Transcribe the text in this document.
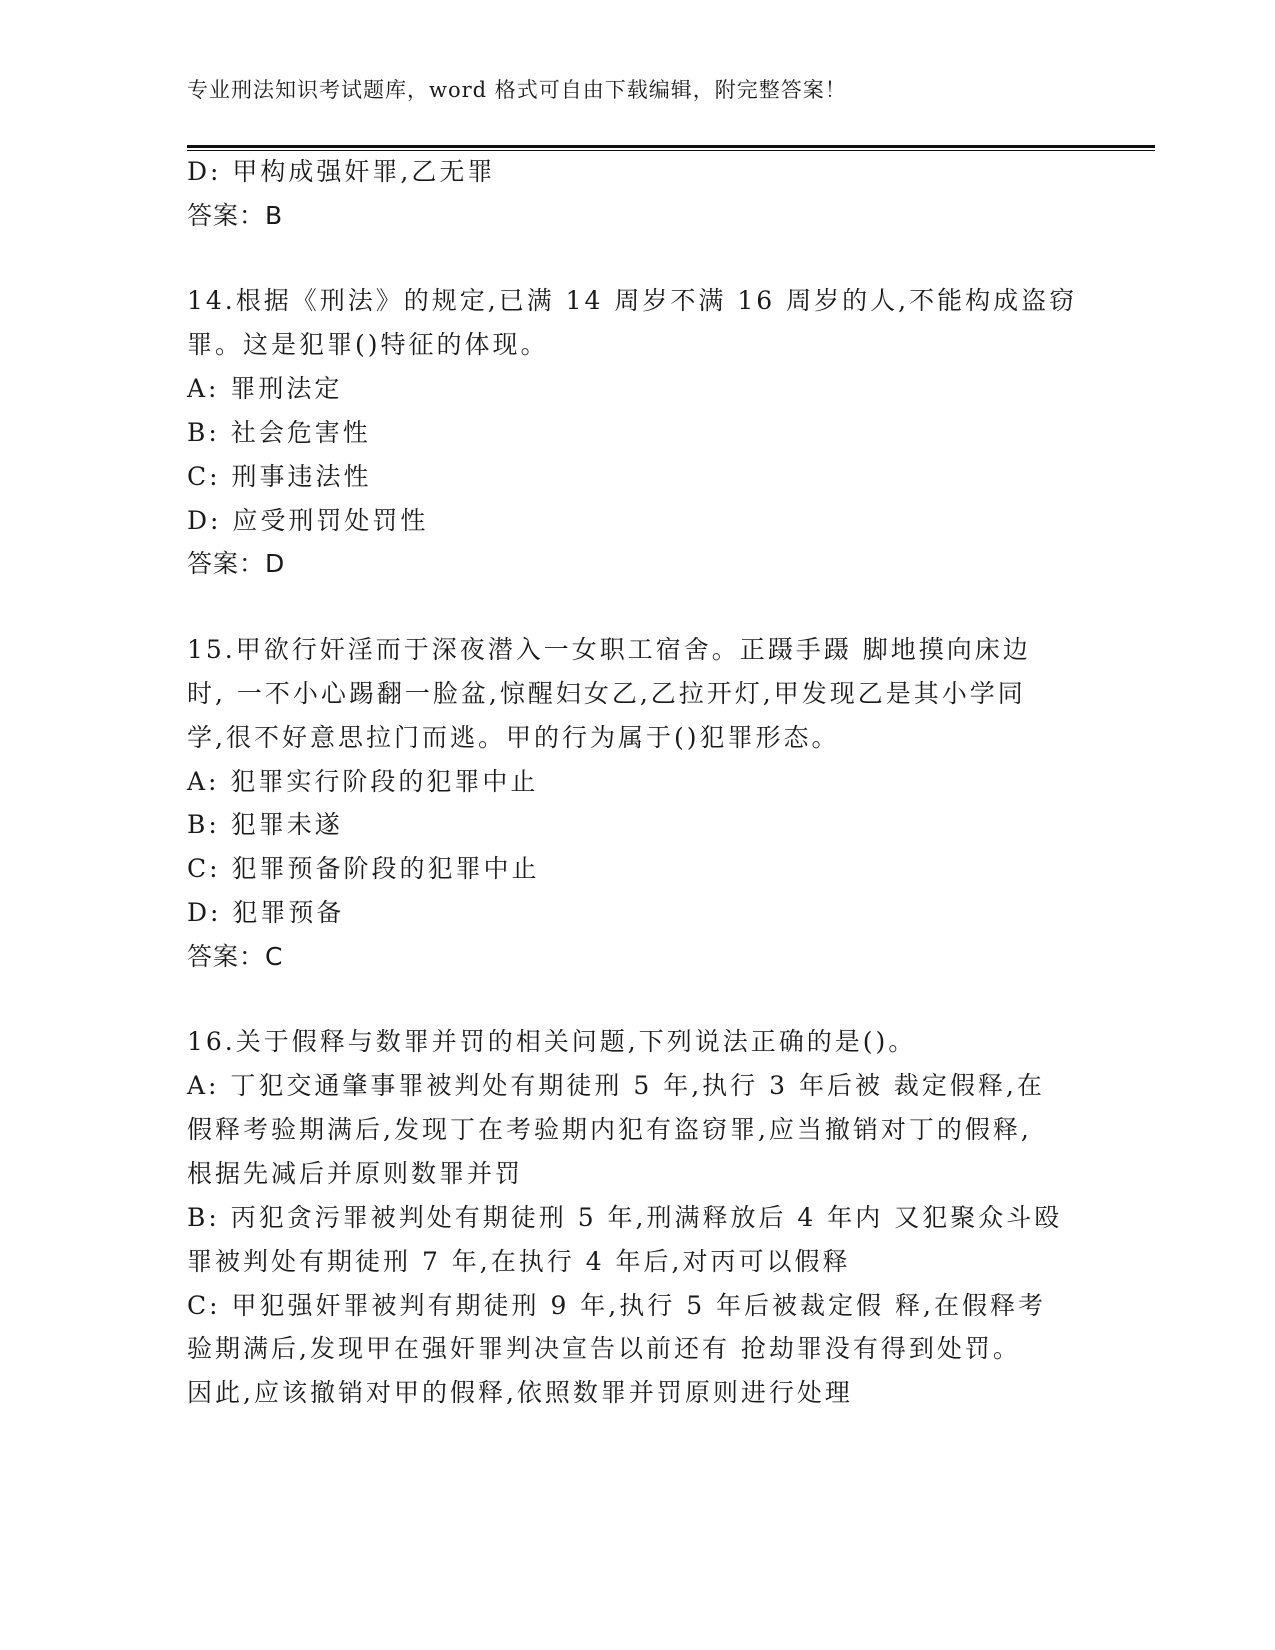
专业刑法知识考试题库，word 格式可自由下载编辑，附完整答案！
D: 甲构成强奸罪,乙无罪
答案：B
14.根据《刑法》的规定,已满 14 周岁不满 16 周岁的人,不能构成盗窃
罪。这是犯罪()特征的体现。
A: 罪刑法定
B: 社会危害性
C: 刑事违法性
D: 应受刑罚处罚性
答案：D
15.甲欲行奸淫而于深夜潜入一女职工宿舍。正蹑手蹑 脚地摸向床边
时, 一不小心踢翻一脸盆,惊醒妇女乙,乙拉开灯,甲发现乙是其小学同
学,很不好意思拉门而逃。甲的行为属于()犯罪形态。
A: 犯罪实行阶段的犯罪中止
B: 犯罪未遂
C: 犯罪预备阶段的犯罪中止
D: 犯罪预备
答案：C
16.关于假释与数罪并罚的相关问题,下列说法正确的是()。
A: 丁犯交通肇事罪被判处有期徒刑 5 年,执行 3 年后被 裁定假释,在
假释考验期满后,发现丁在考验期内犯有盗窃罪,应当撤销对丁的假释,
根据先减后并原则数罪并罚
B: 丙犯贪污罪被判处有期徒刑 5 年,刑满释放后 4 年内 又犯聚众斗殴
罪被判处有期徒刑 7 年,在执行 4 年后,对丙可以假释
C: 甲犯强奸罪被判有期徒刑 9 年,执行 5 年后被裁定假 释,在假释考
验期满后,发现甲在强奸罪判决宣告以前还有 抢劫罪没有得到处罚。
因此,应该撤销对甲的假释,依照数罪并罚原则进行处理
